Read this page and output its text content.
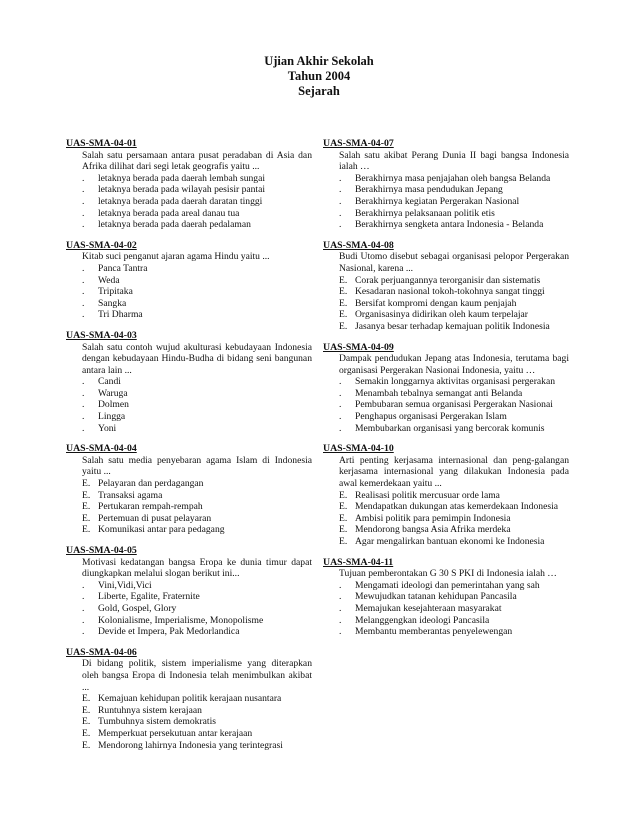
Ujian Akhir Sekolah
Tahun 2004
Sejarah
UAS-SMA-04-01
Salah satu persamaan antara pusat peradaban di Asia dan Afrika dilihat dari segi letak geografis yaitu ...
.	letaknya berada pada daerah lembah sungai
.	letaknya berada pada wilayah pesisir pantai
.	letaknya berada pada daerah daratan tinggi
.	letaknya berada pada areal danau tua
.	letaknya berada pada daerah pedalaman
UAS-SMA-04-02
Kitab suci penganut ajaran agama Hindu yaitu ...
.	Panca Tantra
.	Weda
.	Tripitaka
.	Sangka
.	Tri Dharma
UAS-SMA-04-03
Salah satu contoh wujud akulturasi kebudayaan Indonesia dengan kebudayaan Hindu-Budha di bidang seni bangunan antara lain ...
.	Candi
.	Waruga
.	Dolmen
.	Lingga
.	Yoni
UAS-SMA-04-04
Salah satu media penyebaran agama Islam di Indonesia yaitu ...
E. Pelayaran dan perdagangan
E. Transaksi agama
E. Pertukaran rempah-rempah
E. Pertemuan di pusat pelayaran
E. Komunikasi antar para pedagang
UAS-SMA-04-05
Motivasi kedatangan bangsa Eropa ke dunia timur dapat diungkapkan melalui slogan berikut ini...
.	Vini,Vidi,Vici
.	Liberte, Egalite, Fraternite
.	Gold, Gospel, Glory
.	Kolonialisme, Imperialisme, Monopolisme
.	Devide et Impera, Pak Medorlandica
UAS-SMA-04-06
Di bidang politik, sistem imperialisme yang diterapkan oleh bangsa Eropa di Indonesia telah menimbulkan akibat ...
E. Kemajuan kehidupan politik kerajaan nusantara
E. Runtuhnya sistem kerajaan
E. Tumbuhnya sistem demokratis
E. Memperkuat persekutuan antar kerajaan
E. Mendorong lahirnya Indonesia yang terintegrasi
UAS-SMA-04-07
Salah satu akibat Perang Dunia II bagi bangsa Indonesia ialah …
.	Berakhirnya masa penjajahan oleh bangsa Belanda
.	Berakhirnya masa pendudukan Jepang
.	Berakhirnya kegiatan Pergerakan Nasional
.	Berakhirnya pelaksanaan politik etis
.	Berakhirnya sengketa antara Indonesia - Belanda
UAS-SMA-04-08
Budi Utomo disebut sebagai organisasi pelopor Pergerakan Nasional, karena ...
E. Corak perjuangannya terorganisir dan sistematis
E. Kesadaran nasional tokoh-tokohnya sangat tinggi
E. Bersifat kompromi dengan kaum penjajah
E. Organisasinya didirikan oleh kaum terpelajar
E. Jasanya besar terhadap kemajuan politik Indonesia
UAS-SMA-04-09
Dampak pendudukan Jepang atas Indonesia, terutama bagi organisasi Pergerakan Nasionai Indonesia, yaitu …
.	Semakin longgarnya aktivitas organisasi pergerakan
.	Menambah tebalnya semangat anti Belanda
.	Pembubaran semua organisasi Pergerakan Nasionai
.	Penghapus organisasi Pergerakan Islam
.	Membubarkan organisasi yang bercorak komunis
UAS-SMA-04-10
Arti penting kerjasama internasional dan peng-galangan kerjasama internasional yang dilakukan Indonesia pada awal kemerdekaan yaitu ...
E. Realisasi politik mercusuar orde lama
E. Mendapatkan dukungan atas kemerdekaan Indonesia
E. Ambisi politik para pemimpin Indonesia
E. Mendorong bangsa Asia Afrika merdeka
E. Agar mengalirkan bantuan ekonomi ke Indonesia
UAS-SMA-04-11
Tujuan pemberontakan G 30 S PKI di Indonesia ialah …
.	Mengamati ideologi dan pemerintahan yang sah
.	Mewujudkan tatanan kehidupan Pancasila
.	Memajukan kesejahteraan masyarakat
.	Melanggengkan ideologi Pancasila
.	Membantu memberantas penyelewengan
